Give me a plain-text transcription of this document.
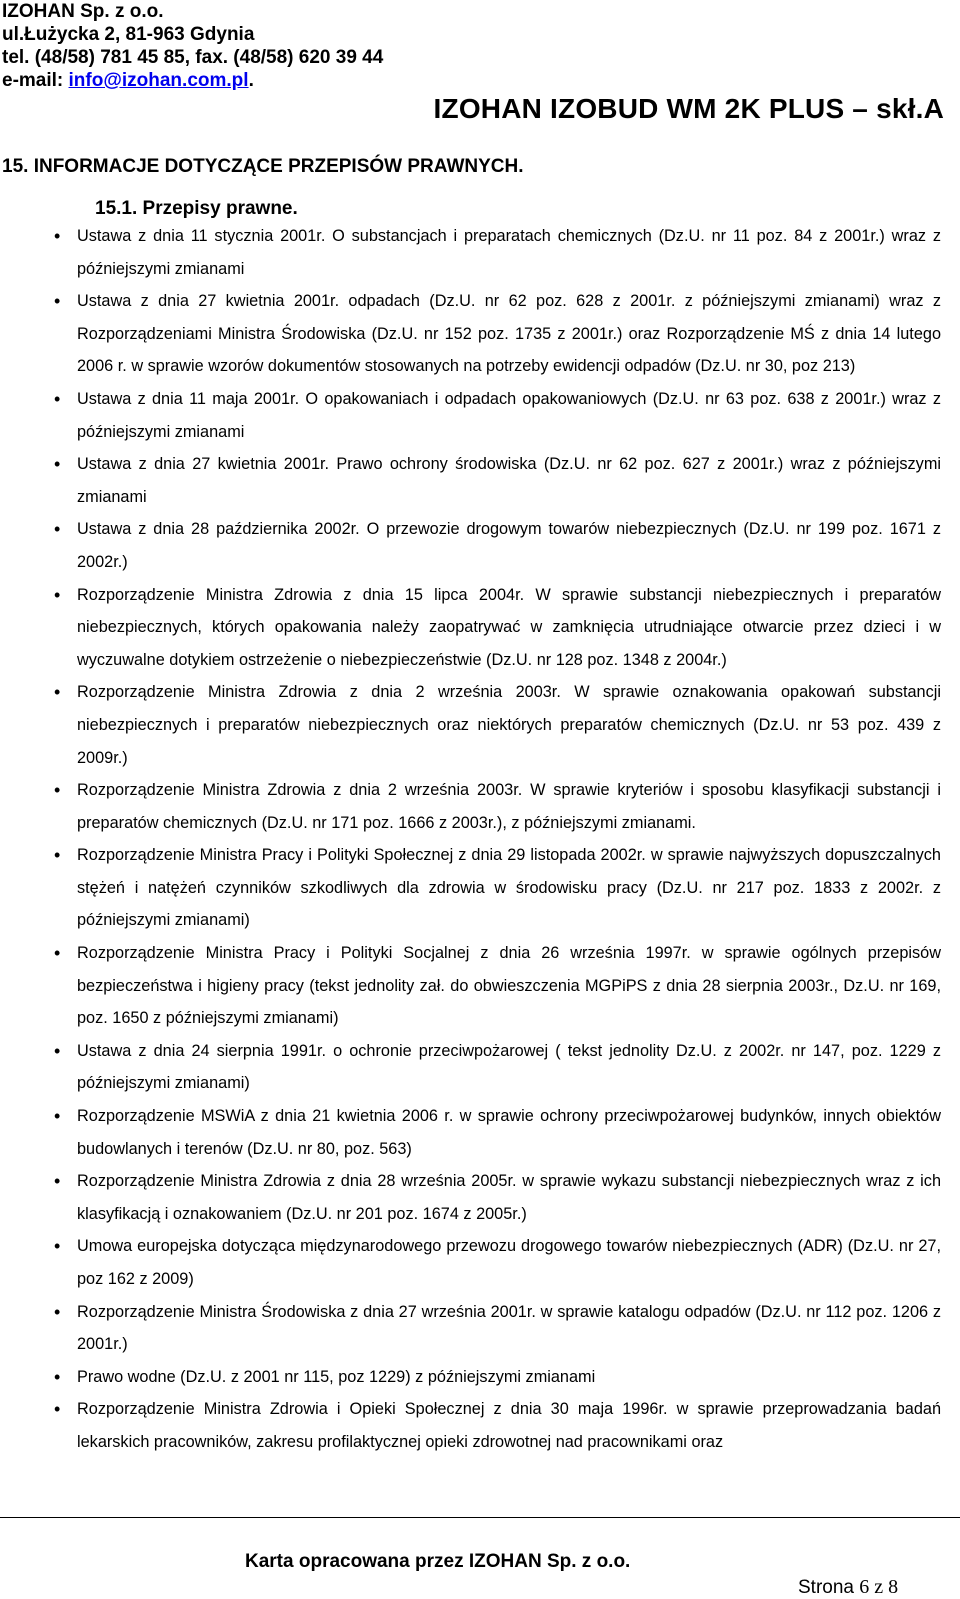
IZOHAN Sp. z o.o.
ul.Łużycka 2, 81-963 Gdynia
tel. (48/58) 781 45 85, fax. (48/58) 620 39 44
e-mail: info@izohan.com.pl.
IZOHAN IZOBUD WM 2K PLUS – skł.A
15. INFORMACJE DOTYCZĄCE PRZEPISÓW PRAWNYCH.
15.1. Przepisy prawne.
• Ustawa z dnia 11 stycznia 2001r. O substancjach i preparatach chemicznych (Dz.U. nr 11 poz. 84 z 2001r.) wraz z późniejszymi zmianami
• Ustawa z dnia 27 kwietnia 2001r. odpadach (Dz.U. nr 62 poz. 628 z 2001r. z późniejszymi zmianami) wraz z Rozporządzeniami Ministra Środowiska (Dz.U. nr 152 poz. 1735 z 2001r.) oraz Rozporządzenie MŚ z dnia 14 lutego 2006 r. w sprawie wzorów dokumentów stosowanych na potrzeby ewidencji odpadów (Dz.U. nr 30, poz 213)
• Ustawa z dnia 11 maja 2001r. O opakowaniach i odpadach opakowaniowych (Dz.U. nr 63 poz. 638 z 2001r.) wraz z późniejszymi zmianami
• Ustawa z dnia 27 kwietnia 2001r. Prawo ochrony środowiska (Dz.U. nr 62 poz. 627 z 2001r.) wraz z późniejszymi zmianami
• Ustawa z dnia 28 października 2002r. O przewozie drogowym towarów niebezpiecznych (Dz.U. nr 199 poz. 1671 z 2002r.)
• Rozporządzenie Ministra Zdrowia z dnia 15 lipca 2004r. W sprawie substancji niebezpiecznych i preparatów niebezpiecznych, których opakowania należy zaopatrywać w zamknięcia utrudniające otwarcie przez dzieci i w wyczuwalne dotykiem ostrzeżenie o niebezpieczeństwie (Dz.U. nr 128 poz. 1348 z 2004r.)
• Rozporządzenie Ministra Zdrowia z dnia 2 września 2003r. W sprawie oznakowania opakowań substancji niebezpiecznych i preparatów niebezpiecznych oraz niektórych preparatów chemicznych (Dz.U. nr 53 poz. 439 z 2009r.)
• Rozporządzenie Ministra Zdrowia z dnia 2 września 2003r. W sprawie kryteriów i sposobu klasyfikacji substancji i preparatów chemicznych (Dz.U. nr 171 poz. 1666 z 2003r.), z późniejszymi zmianami.
• Rozporządzenie Ministra Pracy i Polityki Społecznej z dnia 29 listopada 2002r. w sprawie najwyższych dopuszczalnych stężeń i natężeń czynników szkodliwych dla zdrowia w środowisku pracy (Dz.U. nr 217 poz. 1833 z 2002r. z późniejszymi zmianami)
• Rozporządzenie Ministra Pracy i Polityki Socjalnej z dnia 26 września 1997r. w sprawie ogólnych przepisów bezpieczeństwa i higieny pracy (tekst jednolity zał. do obwieszczenia MGPiPS z dnia 28 sierpnia 2003r., Dz.U. nr 169, poz. 1650 z późniejszymi zmianami)
• Ustawa z dnia 24 sierpnia 1991r. o ochronie przeciwpożarowej ( tekst jednolity Dz.U. z 2002r. nr 147, poz. 1229 z późniejszymi zmianami)
• Rozporządzenie MSWiA z dnia 21 kwietnia 2006 r. w sprawie ochrony przeciwpożarowej budynków, innych obiektów budowlanych i terenów (Dz.U. nr 80, poz. 563)
• Rozporządzenie Ministra Zdrowia z dnia 28 września 2005r. w sprawie wykazu substancji niebezpiecznych wraz z ich klasyfikacją i oznakowaniem (Dz.U. nr 201 poz. 1674 z 2005r.)
• Umowa europejska dotycząca międzynarodowego przewozu drogowego towarów niebezpiecznych (ADR) (Dz.U. nr 27, poz 162 z 2009)
• Rozporządzenie Ministra Środowiska z dnia 27 września 2001r. w sprawie katalogu odpadów (Dz.U. nr 112 poz. 1206 z 2001r.)
• Prawo wodne (Dz.U. z 2001 nr 115, poz 1229) z późniejszymi zmianami
• Rozporządzenie Ministra Zdrowia i Opieki Społecznej z dnia 30 maja 1996r. w sprawie przeprowadzania badań lekarskich pracowników, zakresu profilaktycznej opieki zdrowotnej nad pracownikami oraz
Karta opracowana przez IZOHAN Sp. z o.o.
Strona 6 z 8
